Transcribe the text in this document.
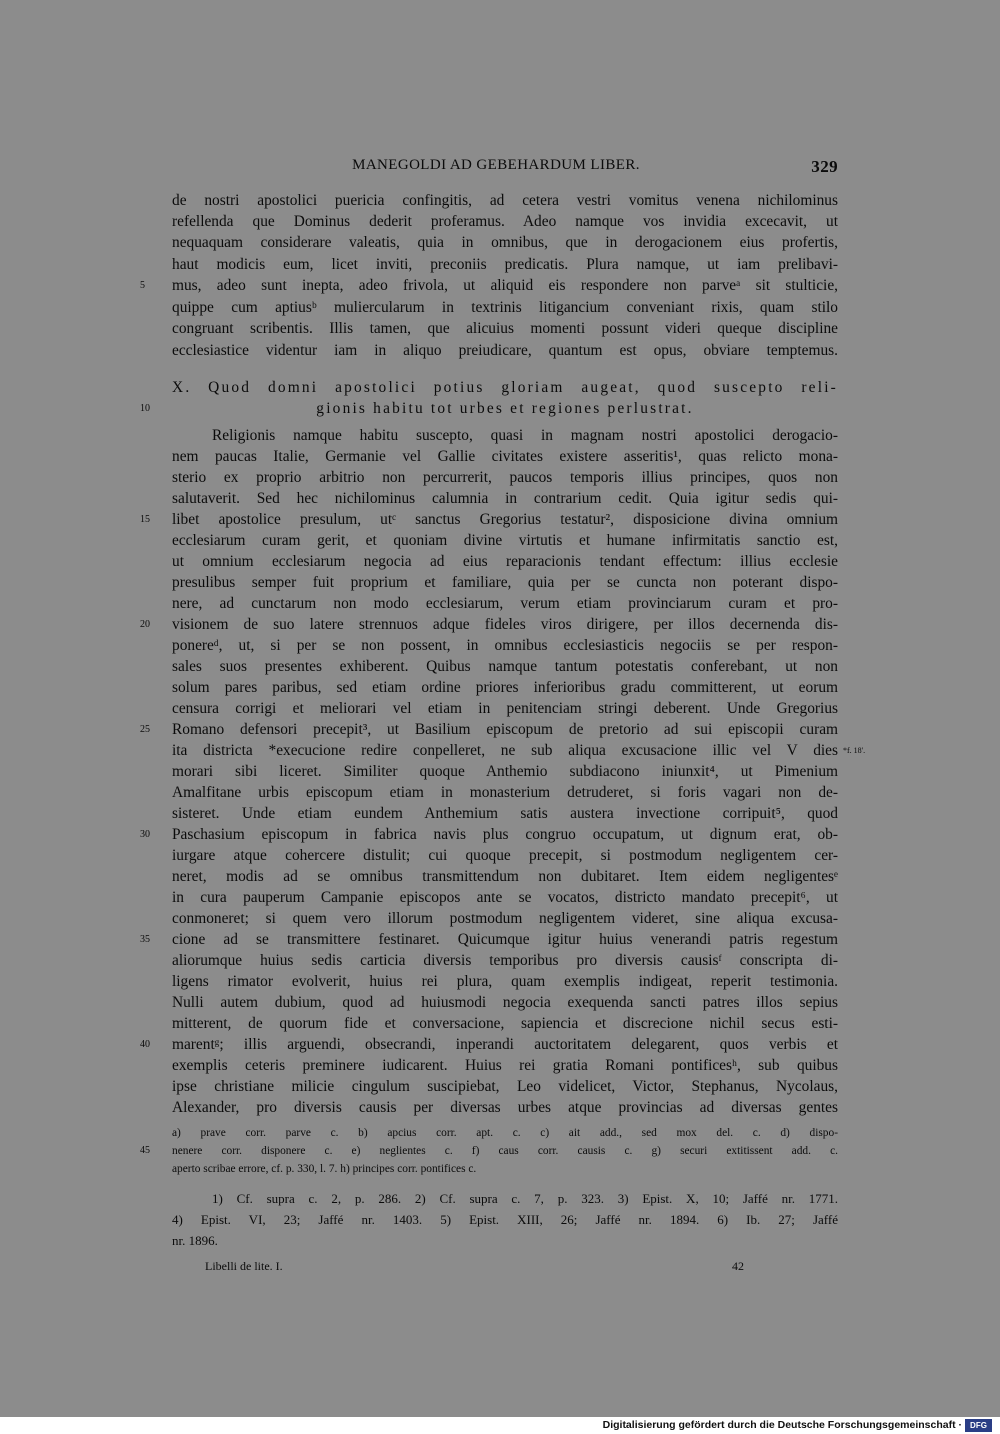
MANEGOLDI AD GEBEHARDUM LIBER.	329
de nostri apostolici puericia confingitis, ad cetera vestri vomitus venena nichilominus
refellenda que Dominus dederit proferamus. Adeo namque vos invidia excecavit, ut
nequaquam considerare valeatis, quia in omnibus, que in derogacionem eius profertis,
haut modicis eum, licet inviti, preconiis predicatis. Plura namque, ut iam prelibavi-
mus, adeo sunt inepta, adeo frivola, ut aliquid eis respondere non parveᵃ sit stulticie,
quippe cum aptiusᵇ muliercularum in textrinis litigancium conveniant rixis, quam stilo
congruant scribentis. Illis tamen, que alicuius momenti possunt videri queque discipline
ecclesiastice videntur iam in aliquo preiudicare, quantum est opus, obviare temptemus.
5
X. Quod domni apostolici potius gloriam augeat, quod suscepto reli-
gionis habitu tot urbes et regiones perlustrat.
10
Religionis namque habitu suscepto, quasi in magnam nostri apostolici derogacio-
nem paucas Italie, Germanie vel Gallie civitates existere asseritis¹, quas relicto mona-
sterio ex proprio arbitrio non percurrerit, paucos temporis illius principes, quos non
salutaverit. Sed hec nichilominus calumnia in contrarium cedit. Quia igitur sedis qui-
libet apostolice presulum, utᶜ sanctus Gregorius testatur², disposicione divina omnium
ecclesiarum curam gerit, et quoniam divine virtutis et humane infirmitatis sanctio est,
ut omnium ecclesiarum negocia ad eius reparacionis tendant effectum: illius ecclesie
presulibus semper fuit proprium et familiare, quia per se cuncta non poterant dispo-
nere, ad cunctarum non modo ecclesiarum, verum etiam provinciarum curam et pro-
visionem de suo latere strennuos adque fideles viros dirigere, per illos decernenda dis-
ponereᵈ, ut, si per se non possent, in omnibus ecclesiasticis negociis se per respon-
sales suos presentes exhiberent. Quibus namque tantum potestatis conferebant, ut non
solum pares paribus, sed etiam ordine priores inferioribus gradu committerent, ut eorum
censura corrigi et meliorari vel etiam in penitenciam stringi deberent. Unde Gregorius
Romano defensori precepit³, ut Basilium episcopum de pretorio ad sui episcopii curam
ita districta *execucione redire conpelleret, ne sub aliqua excusacione illic vel V dies
morari sibi liceret. Similiter quoque Anthemio subdiacono iniunxit⁴, ut Pimenium
Amalfitane urbis episcopum etiam in monasterium detruderet, si foris vagari non de-
sisteret. Unde etiam eundem Anthemium satis austera invectione corripuit⁵, quod
Paschasium episcopum in fabrica navis plus congruo occupatum, ut dignum erat, ob-
iurgare atque cohercere distulit; cui quoque precepit, si postmodum negligentem cer-
neret, modis ad se omnibus transmittendum non dubitaret. Item eidem negligentesᵉ
in cura pauperum Campanie episcopos ante se vocatos, districto mandato precepit⁶, ut
conmoneret; si quem vero illorum postmodum negligentem videret, sine aliqua excusa-
cione ad se transmittere festinaret. Quicumque igitur huius venerandi patris regestum
aliorumque huius sedis carticia diversis temporibus pro diversis causisᶠ conscripta di-
ligens rimator evolverit, huius rei plura, quam exemplis indigeat, reperit testimonia.
Nulli autem dubium, quod ad huiusmodi negocia exequenda sancti patres illos sepius
mitterent, de quorum fide et conversacione, sapiencia et discrecione nichil secus esti-
marentᵍ; illis arguendi, obsecrandi, inperandi auctoritatem delegarent, quos verbis et
exemplis ceteris preminere iudicarent. Huius rei gratia Romani pontificesʰ, sub quibus
ipse christiane milicie cingulum suscipiebat, Leo videlicet, Victor, Stephanus, Nycolaus,
Alexander, pro diversis causis per diversas urbes atque provincias ad diversas gentes
15
20
25
30
35
40
*f. 18'.
a) prave corr. parve c. b) apcius corr. apt. c. c) ait add., sed mox del. c. d) dispo-
nenere corr. disponere c. e) neglientes c. f) caus corr. causis c. g) securi extitissent add. c.
aperto scribae errore, cf. p. 330, l. 7. h) principes corr. pontifices c.
45
1) Cf. supra c. 2, p. 286. 2) Cf. supra c. 7, p. 323. 3) Epist. X, 10; Jaffé nr. 1771.
4) Epist. VI, 23; Jaffé nr. 1403. 5) Epist. XIII, 26; Jaffé nr. 1894. 6) Ib. 27; Jaffé
nr. 1896.
Libelli de lite. I.	42
Digitalisierung gefördert durch die Deutsche Forschungsgemeinschaft ·	DFG
